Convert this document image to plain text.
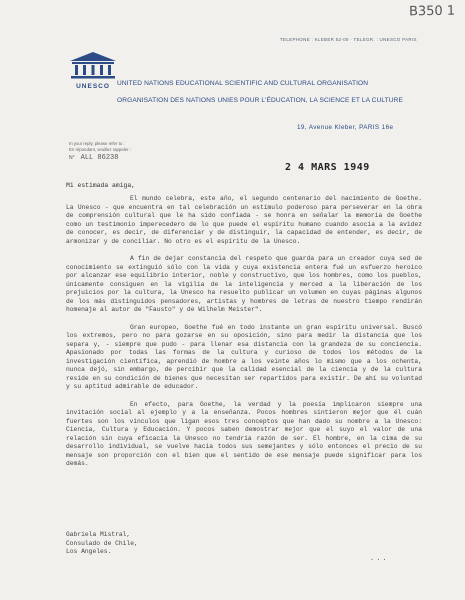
B350 1
UNESCO
TELEPHONE : KLEBER 52-00 · TELEGR. : UNESCO PARIS
UNITED NATIONS EDUCATIONAL SCIENTIFIC AND CULTURAL ORGANISATION
ORGANISATION DES NATIONS UNIES POUR L'ÉDUCATION, LA SCIENCE ET LA CULTURE
19, Avenue Kleber, PARIS 16e
In your reply, please refer to :
En répondant, veuillez rappeler :
N° ALL 86238
2 4 MARS 1949
Mi estimada amiga,

El mundo celebra, este año, el segundo centenario del nacimiento de Goethe. La Unesco - que encuentra en tal celebración un estímulo poderoso para perseverar en la obra de comprensión cultural que le ha sido confiada - se honra en señalar la memoria de Goethe como un testimonio imperecedero de lo que puede el espíritu humano cuando asocia a la avidez de conocer, es decir, de diferenciar y de distinguir, la capacidad de entender, es decir, de armonizar y de conciliar. No otro es el espíritu de la Unesco.

A fin de dejar constancia del respeto que guarda para un creador cuya sed de conocimiento se extinguió sólo con la vida y cuya existencia entera fué un esfuerzo heroico por alcanzar ese equilibrio interior, noble y constructivo, que los hombres, como los pueblos, únicamente consiguen en la vigilia de la inteligencia y merced a la liberación de los prejuicios por la cultura, la Unesco ha resuelto publicar un volumen en cuyas páginas algunos de los más distinguidos pensadores, artistas y hombres de letras de nuestro tiempo rendirán homenaje al autor de "Fausto" y de Wilhelm Meister".

Gran europeo, Goethe fué en todo instante un gran espíritu universal. Buscó los extremos, pero no para gozarse en su oposición, sino para medir la distancia que los separa y, - siempre que pudo - para llenar esa distancia con la grandeza de su conciencia. Apasionado por todas las formas de la cultura y curioso de todos los métodos de la investigación científica, aprendió de hombre a los veinte años lo mismo que a los ochenta, nunca dejó, sin embargo, de percibir que la calidad esencial de la ciencia y de la cultura reside en su condición de bienes que necesitan ser repartidos para existir. De ahí su voluntad y su aptitud admirable de educador.

En efecto, para Goethe, la verdad y la poesía implicaron siempre una invitación social al ejemplo y a la enseñanza. Pocos hombres sintieron mejor que él cuán fuertes son los vínculos que ligan esos tres conceptos que han dado su nombre a la Unesco: Ciencia, Cultura y Educación. Y pocos saben demostrar mejor que el suyo el valor de una relación sin cuya eficacia la Unesco no tendría razón de ser. El hombre, en la cima de su desarrollo individual, se vuelve hacia todos sus semejantes y sólo entonces el precio de su mensaje son proporción con el bien que el sentido de ese mensaje puede significar para los demás.

Gabriela Mistral,
Consulado de Chile,
Los Angeles.
...
